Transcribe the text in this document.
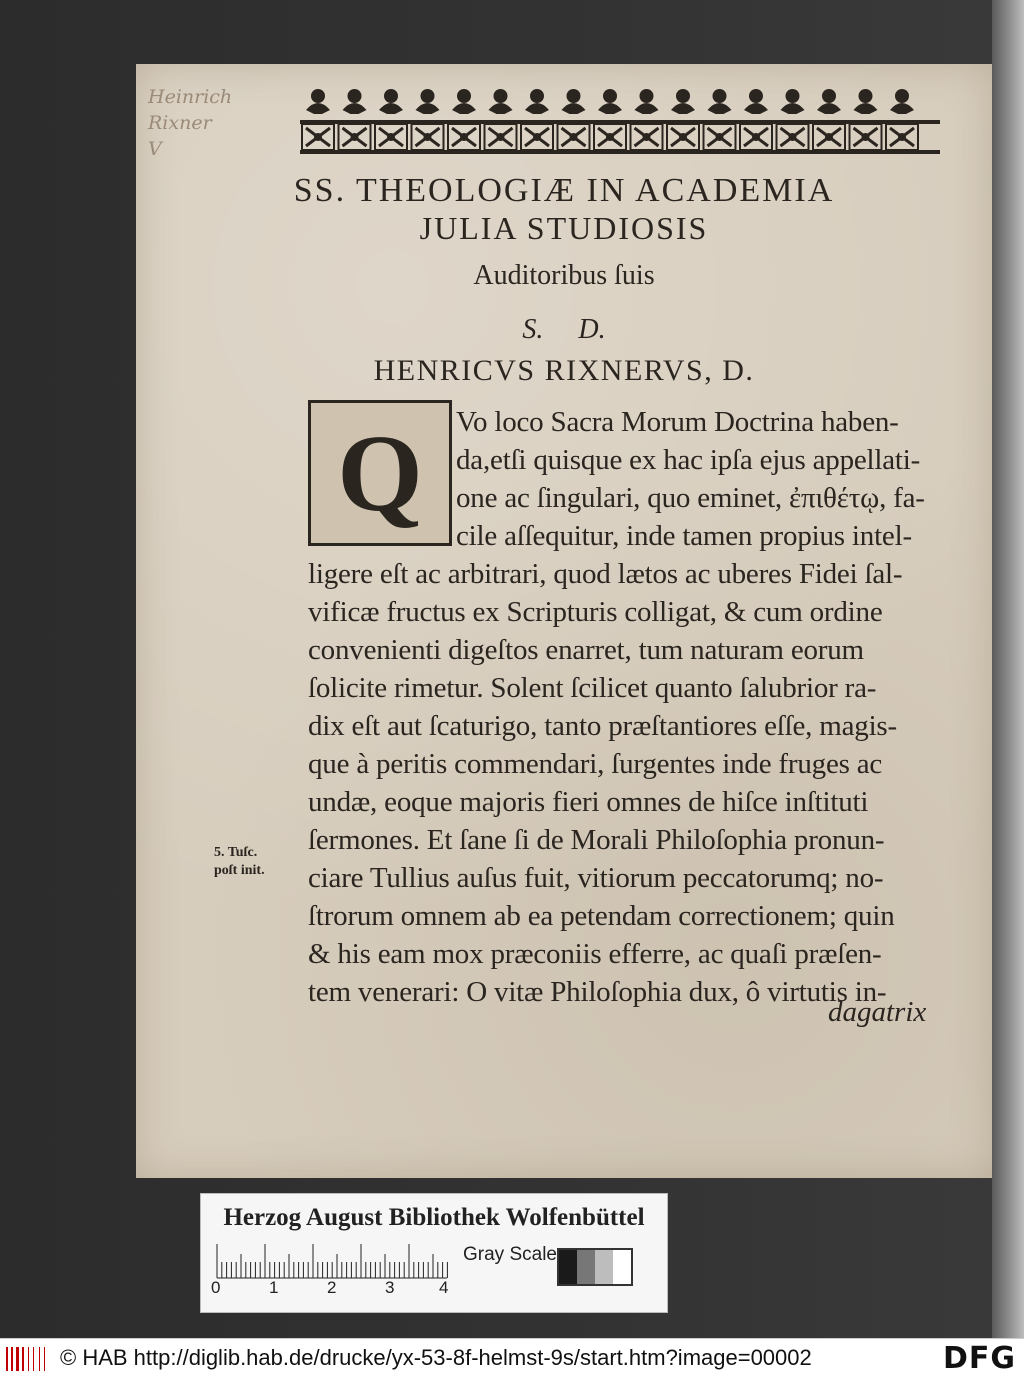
Heinrich
Rixner
V
SS. THEOLOGIÆ IN ACADEMIA
JULIA STUDIOSIS
Auditoribus ſuis
S. D.
HENRICVS RIXNERVS, D.
Q	Vo loco Sacra Morum Doctrina haben-
da,etſi quisque ex hac ipſa ejus appellati-
one ac ſingulari, quo eminet, ἐπιθέτῳ, fa-
cile aſſequitur, inde tamen propius intel-
ligere eſt ac arbitrari, quod lætos ac uberes Fidei ſal-
vificæ fructus ex Scripturis colligat, & cum ordine
convenienti digeſtos enarret, tum naturam eorum
ſolicite rimetur. Solent ſcilicet quanto ſalubrior ra-
dix eſt aut ſcaturigo, tanto præſtantiores eſſe, magis-
que à peritis commendari, ſurgentes inde fruges ac
undæ, eoque majoris fieri omnes de hiſce inſtituti
ſermones. Et ſane ſi de Morali Philoſophia pronun-
ciare Tullius auſus fuit, vitiorum peccatorumq; no-
ſtrorum omnem ab ea petendam correctionem; quin
& his eam mox præconiis efferre, ac quaſi præſen-
tem venerari: O vitæ Philoſophia dux, ô virtutis in-
5. Tuſc.
poſt init.
dagatrix
Herzog August Bibliothek Wolfenbüttel
0	1	2	3	4
Gray Scale
© HAB http://diglib.hab.de/drucke/yx-53-8f-helmst-9s/start.htm?image=00002	DFG
